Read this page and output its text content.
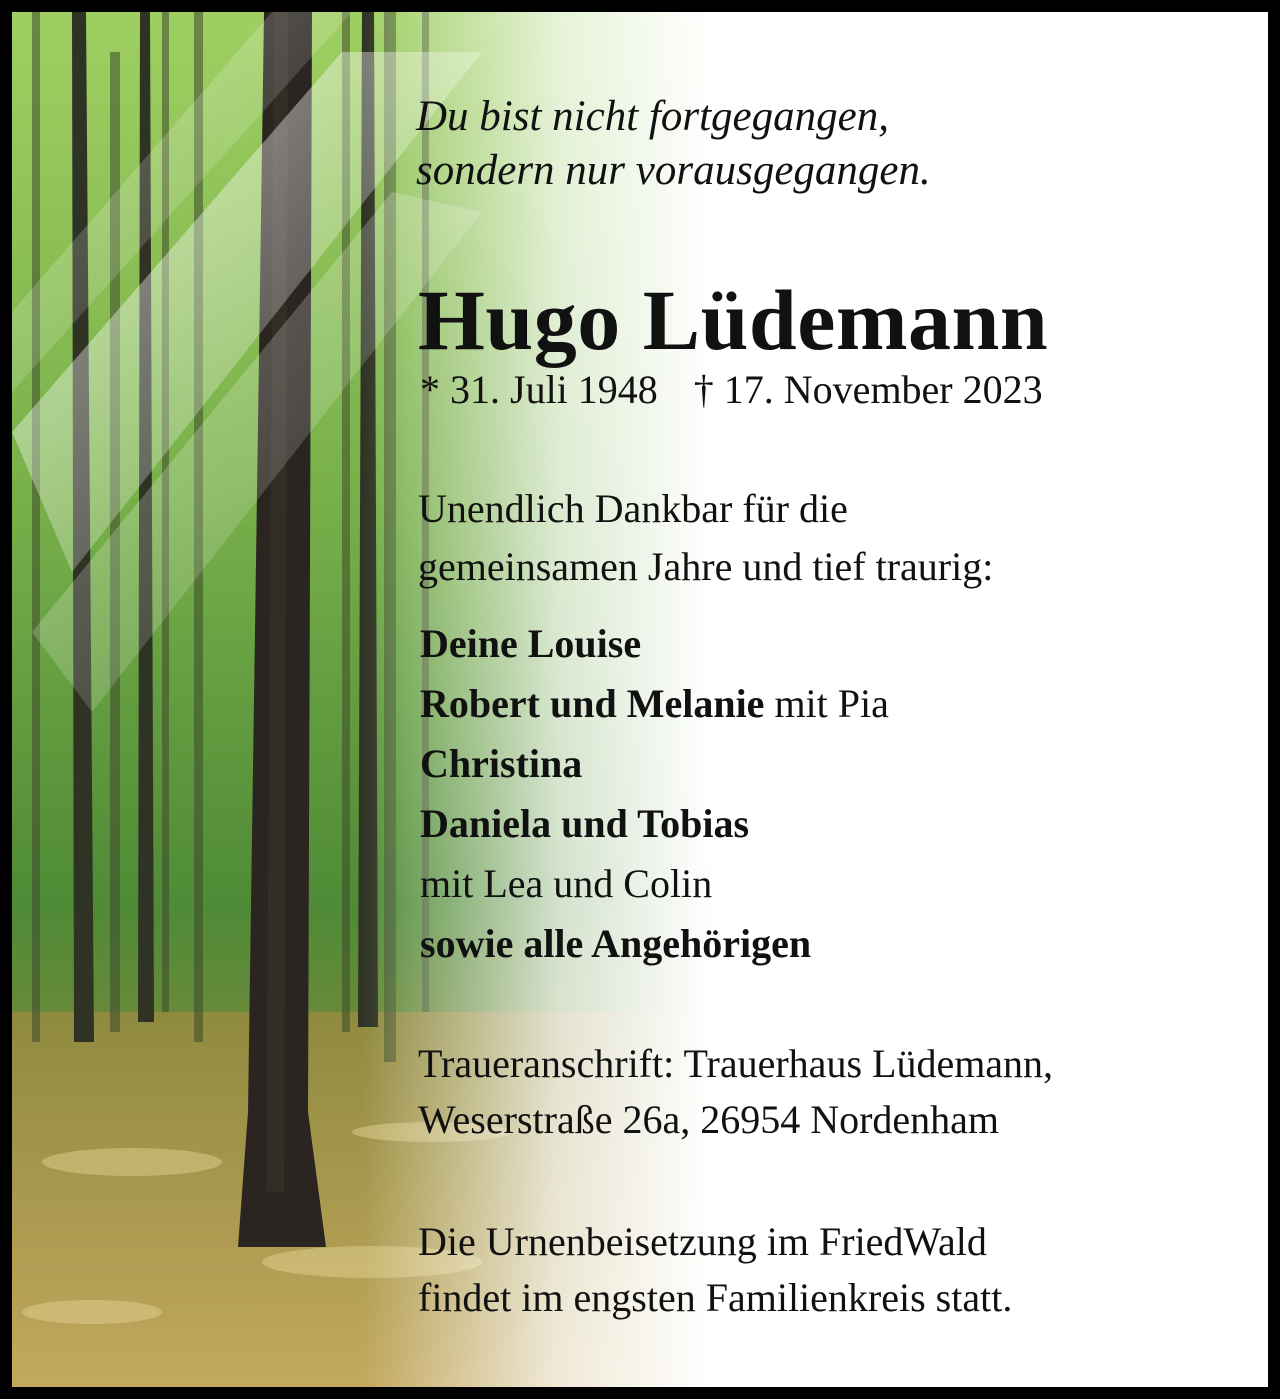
Du bist nicht fortgegangen,
sondern nur vorausgegangen.
Hugo Lüdemann
* 31. Juli 1948 † 17. November 2023
Unendlich Dankbar für die
gemeinsamen Jahre und tief traurig:
Deine Louise
Robert und Melanie mit Pia
Christina
Daniela und Tobias
mit Lea und Colin
sowie alle Angehörigen
Traueranschrift: Trauerhaus Lüdemann,
Weserstraße 26a, 26954 Nordenham
Die Urnenbeisetzung im FriedWald
findet im engsten Familienkreis statt.
